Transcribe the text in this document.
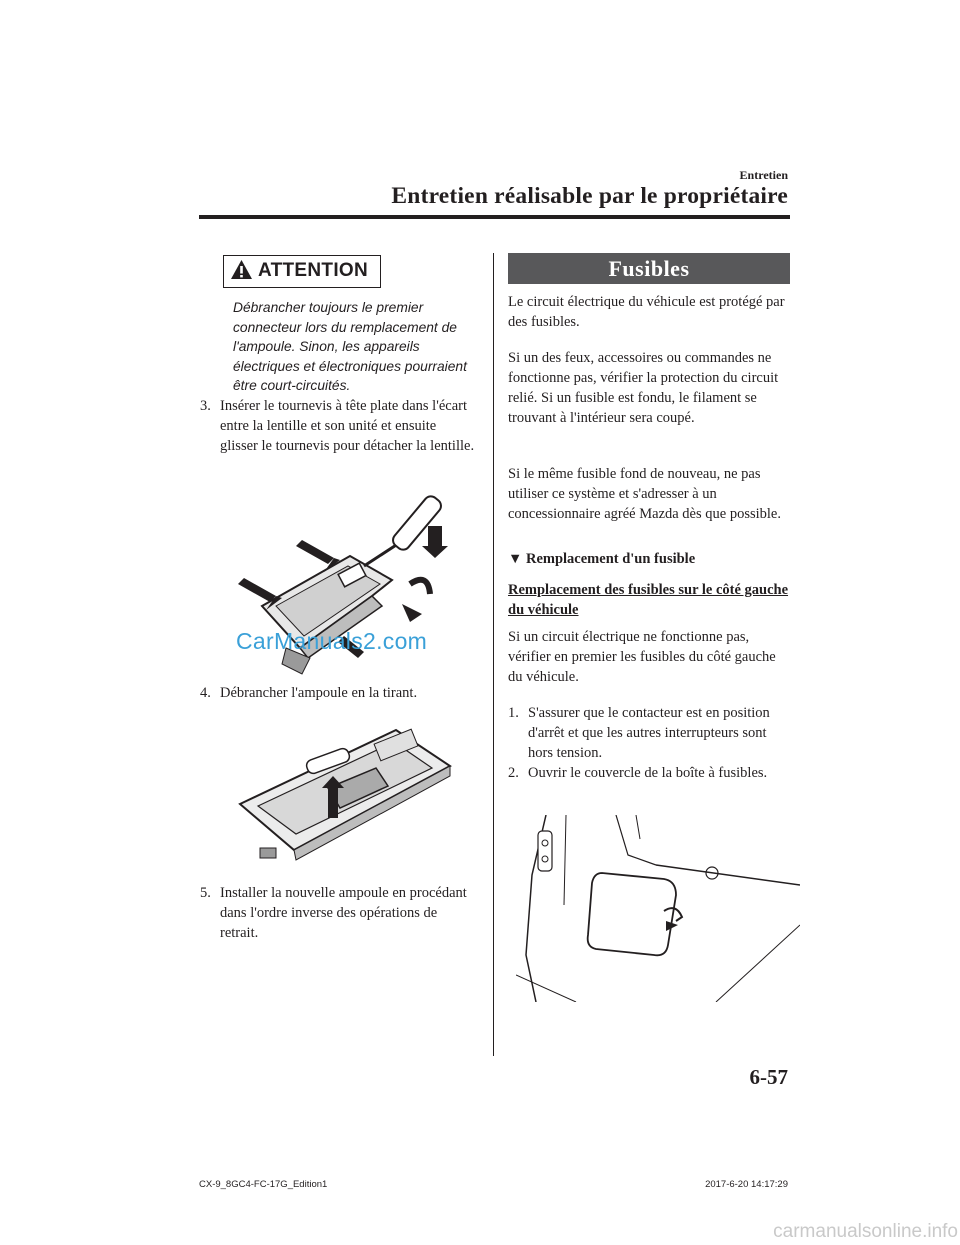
Entretien
Entretien réalisable par le propriétaire
ATTENTION
Débrancher toujours le premier connecteur lors du remplacement de l'ampoule. Sinon, les appareils électriques et électroniques pourraient être court-circuités.
3. Insérer le tournevis à tête plate dans l'écart entre la lentille et son unité et ensuite glisser le tournevis pour détacher la lentille.
CarManuals2.com
4. Débrancher l'ampoule en la tirant.
5. Installer la nouvelle ampoule en procédant dans l'ordre inverse des opérations de retrait.
Fusibles
Le circuit électrique du véhicule est protégé par des fusibles.
Si un des feux, accessoires ou commandes ne fonctionne pas, vérifier la protection du circuit relié. Si un fusible est fondu, le filament se trouvant à l'intérieur sera coupé.
Si le même fusible fond de nouveau, ne pas utiliser ce système et s'adresser à un concessionnaire agréé Mazda dès que possible.
▼ Remplacement d'un fusible
Remplacement des fusibles sur le côté gauche du véhicule
Si un circuit électrique ne fonctionne pas, vérifier en premier les fusibles du côté gauche du véhicule.
1. S'assurer que le contacteur est en position d'arrêt et que les autres interrupteurs sont hors tension.
2. Ouvrir le couvercle de la boîte à fusibles.
6-57
CX-9_8GC4-FC-17G_Edition1	2017-6-20 14:17:29
carmanualsonline.info
